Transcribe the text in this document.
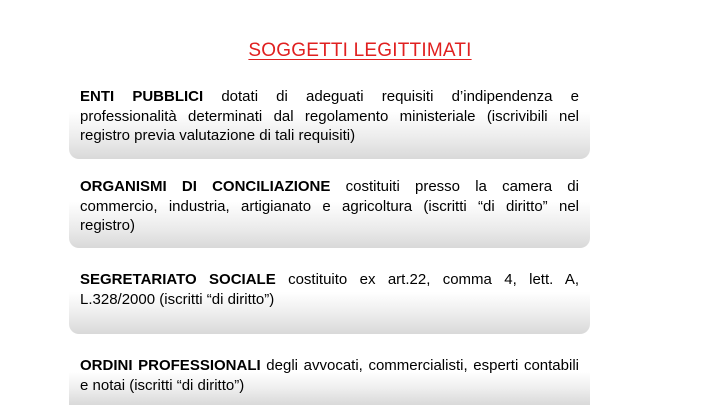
SOGGETTI LEGITTIMATI

ENTI PUBBLICI dotati di adeguati requisiti d’indipendenza e professionalità determinati dal regolamento ministeriale (iscrivibili nel registro previa valutazione di tali requisiti)

ORGANISMI DI CONCILIAZIONE costituiti presso la camera di commercio, industria, artigianato e agricoltura (iscritti “di diritto” nel registro)

SEGRETARIATO SOCIALE costituito ex art.22, comma 4, lett. A, L.328/2000 (iscritti “di diritto”)

ORDINI PROFESSIONALI degli avvocati, commercialisti, esperti contabili e notai (iscritti “di diritto”)
